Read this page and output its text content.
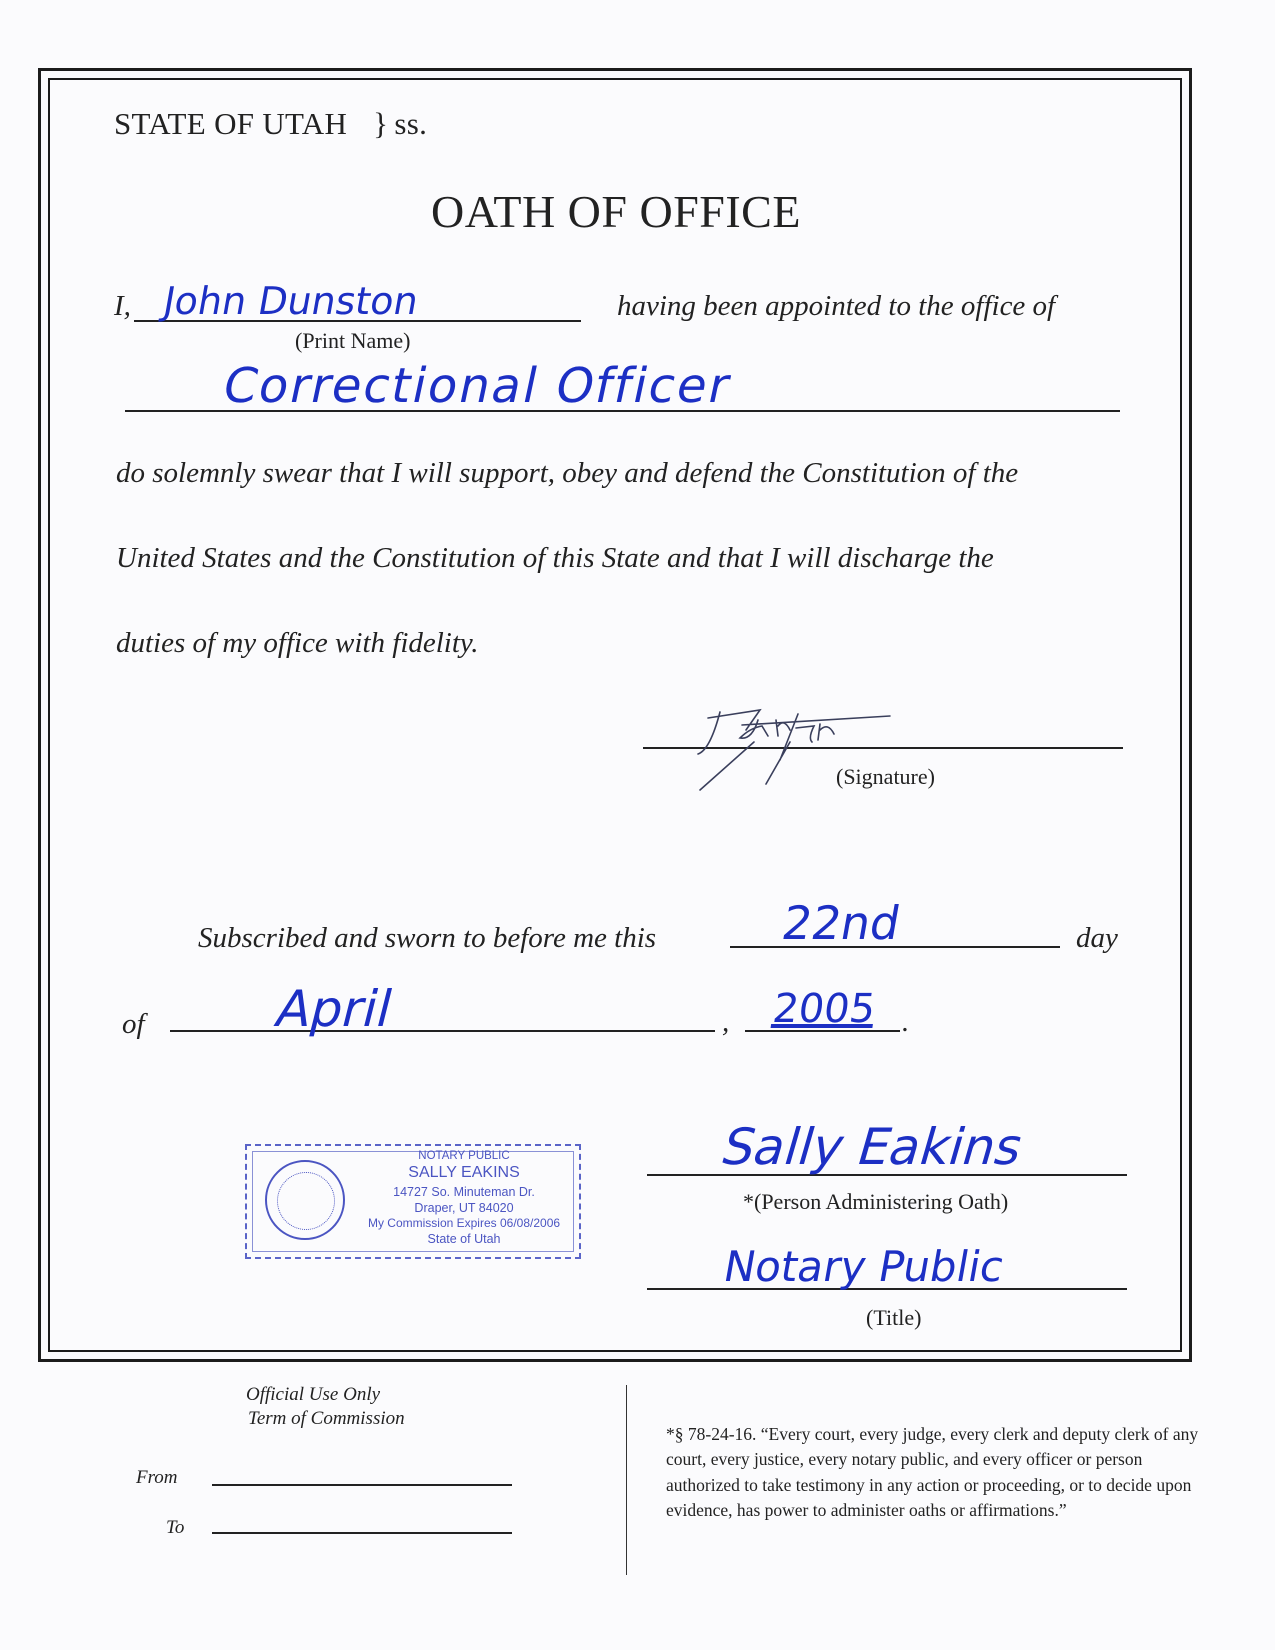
STATE OF UTAH } ss.
OATH OF OFFICE
I, John Dunston
(Print Name)
having been appointed to the office of
Correctional Officer
do solemnly swear that I will support, obey and defend the Constitution of the
United States and the Constitution of this State and that I will discharge the
duties of my office with fidelity.
(Signature)
Subscribed and sworn to before me this	22nd	day
of	April	, 2005 .
NOTARY PUBLIC
SALLY EAKINS
14727 So. Minuteman Dr.
Draper, UT 84020
My Commission Expires 06/08/2006
State of Utah
Sally Eakins
*(Person Administering Oath)
Notary Public
(Title)
Official Use Only
Term of Commission
From
To
*§ 78-24-16. “Every court, every judge, every clerk and deputy clerk of any court, every justice, every notary public, and every officer or person authorized to take testimony in any action or proceeding, or to decide upon evidence, has power to administer oaths or affirmations.”
